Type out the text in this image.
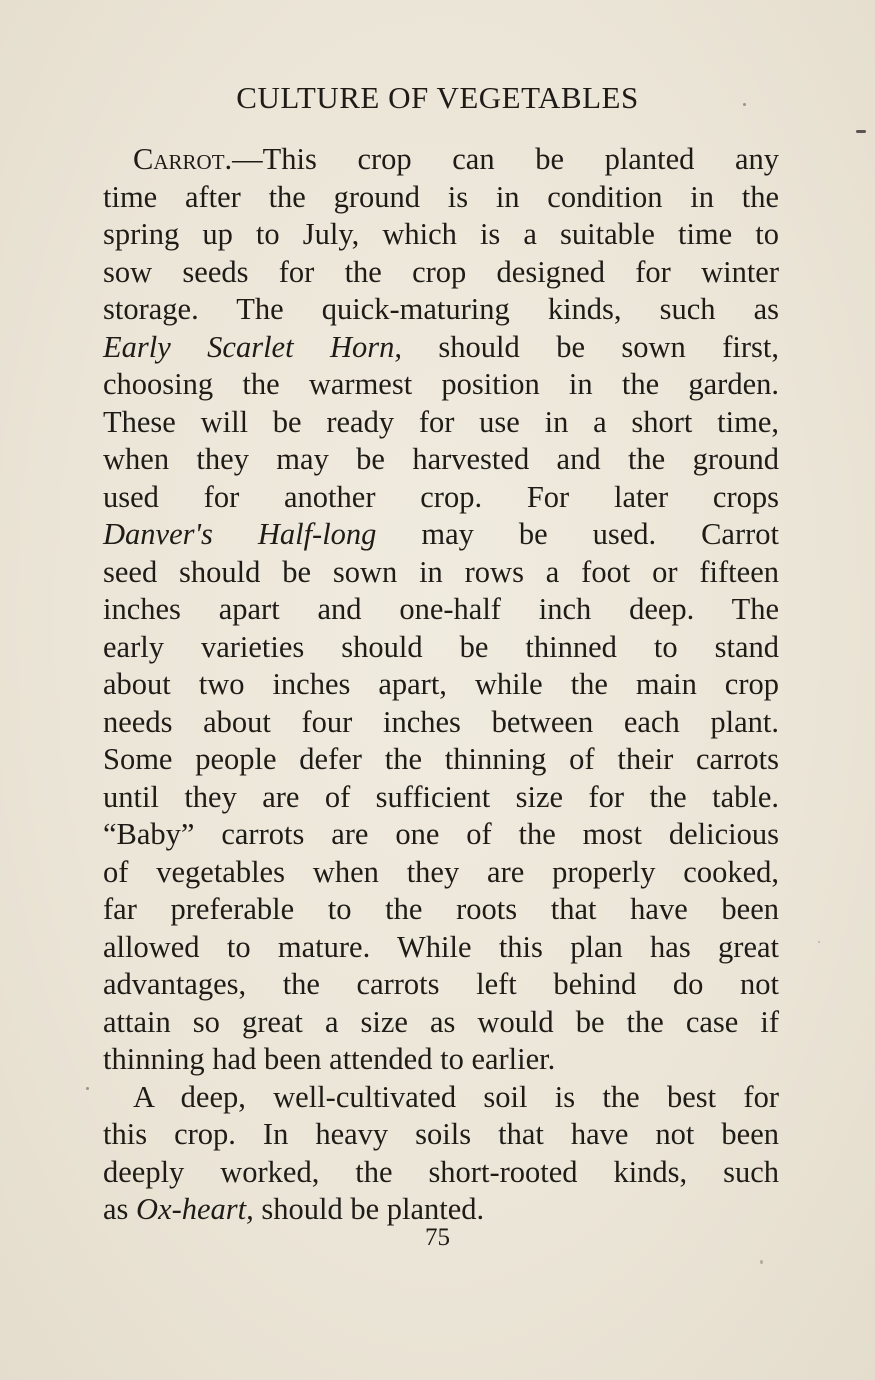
CULTURE OF VEGETABLES
Carrot.—This crop can be planted any
time after the ground is in condition in the
spring up to July, which is a suitable time to
sow seeds for the crop designed for winter
storage. The quick-maturing kinds, such as
Early Scarlet Horn, should be sown first,
choosing the warmest position in the garden.
These will be ready for use in a short time,
when they may be harvested and the ground
used for another crop. For later crops
Danver's Half-long may be used. Carrot
seed should be sown in rows a foot or fifteen
inches apart and one-half inch deep. The
early varieties should be thinned to stand
about two inches apart, while the main crop
needs about four inches between each plant.
Some people defer the thinning of their carrots
until they are of sufficient size for the table.
“Baby” carrots are one of the most delicious
of vegetables when they are properly cooked,
far preferable to the roots that have been
allowed to mature. While this plan has great
advantages, the carrots left behind do not
attain so great a size as would be the case if
thinning had been attended to earlier.
A deep, well-cultivated soil is the best for
this crop. In heavy soils that have not been
deeply worked, the short-rooted kinds, such
as Ox-heart, should be planted.
75
